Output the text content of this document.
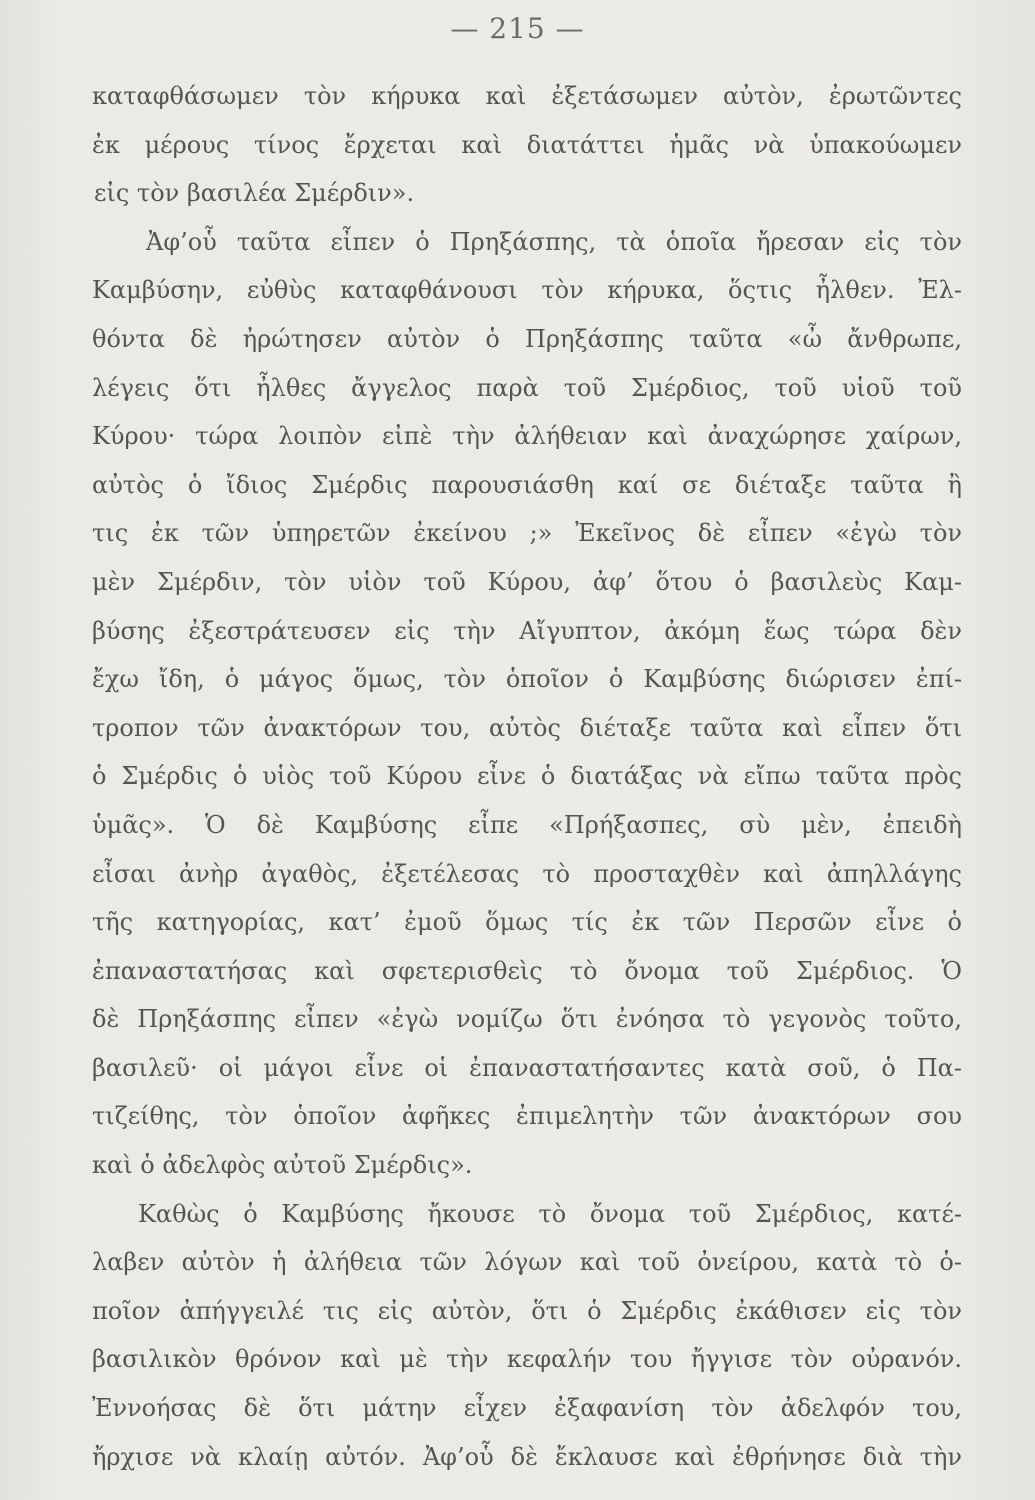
— 215 —
καταφθάσωμεν τὸν κήρυκα καὶ ἐξετάσωμεν αὐτὸν, ἐρωτῶντες
ἐκ μέρους τίνος ἔρχεται καὶ διατάττει ἡμᾶς νὰ ὑπακούωμεν
εἰς τὸν βασιλέα Σμέρδιν».
Ἀφ’οὗ ταῦτα εἶπεν ὁ Πρηξάσπης, τὰ ὁποῖα ἤρεσαν εἰς τὸν
Καμβύσην, εὐθὺς καταφθάνουσι τὸν κήρυκα, ὅςτις ἦλθεν. Ἐλ-
θόντα δὲ ἠρώτησεν αὐτὸν ὁ Πρηξάσπης ταῦτα «ὦ ἄνθρωπε,
λέγεις ὅτι ἦλθες ἄγγελος παρὰ τοῦ Σμέρδιος, τοῦ υἱοῦ τοῦ
Κύρου· τώρα λοιπὸν εἰπὲ τὴν ἀλήθειαν καὶ ἀναχώρησε χαίρων,
αὐτὸς ὁ ἴδιος Σμέρδις παρουσιάσθη καί σε διέταξε ταῦτα ἢ
τις ἐκ τῶν ὑπηρετῶν ἐκείνου ;» Ἐκεῖνος δὲ εἶπεν «ἐγὼ τὸν
μὲν Σμέρδιν, τὸν υἱὸν τοῦ Κύρου, ἀφ’ ὅτου ὁ βασιλεὺς Καμ-
βύσης ἐξεστράτευσεν εἰς τὴν Αἴγυπτον, ἀκόμη ἕως τώρα δὲν
ἔχω ἴδη, ὁ μάγος ὅμως, τὸν ὁποῖον ὁ Καμβύσης διώρισεν ἐπί-
τροπον τῶν ἀνακτόρων του, αὐτὸς διέταξε ταῦτα καὶ εἶπεν ὅτι
ὁ Σμέρδις ὁ υἱὸς τοῦ Κύρου εἶνε ὁ διατάξας νὰ εἴπω ταῦτα πρὸς
ὑμᾶς». Ὁ δὲ Καμβύσης εἶπε «Πρήξασπες, σὺ μὲν, ἐπειδὴ
εἶσαι ἀνὴρ ἀγαθὸς, ἐξετέλεσας τὸ προσταχθὲν καὶ ἀπηλλάγης
τῆς κατηγορίας, κατ’ ἐμοῦ ὅμως τίς ἐκ τῶν Περσῶν εἶνε ὁ
ἐπαναστατήσας καὶ σφετερισθεὶς τὸ ὄνομα τοῦ Σμέρδιος. Ὁ
δὲ Πρηξάσπης εἶπεν «ἐγὼ νομίζω ὅτι ἐνόησα τὸ γεγονὸς τοῦτο,
βασιλεῦ· οἱ μάγοι εἶνε οἱ ἐπαναστατήσαντες κατὰ σοῦ, ὁ Πα-
τιζείθης, τὸν ὁποῖον ἀφῆκες ἐπιμελητὴν τῶν ἀνακτόρων σου
καὶ ὁ ἀδελφὸς αὐτοῦ Σμέρδις».
Καθὼς ὁ Καμβύσης ἤκουσε τὸ ὄνομα τοῦ Σμέρδιος, κατέ-
λαβεν αὐτὸν ἡ ἀλήθεια τῶν λόγων καὶ τοῦ ὀνείρου, κατὰ τὸ ὁ-
ποῖον ἀπήγγειλέ τις εἰς αὐτὸν, ὅτι ὁ Σμέρδις ἐκάθισεν εἰς τὸν
βασιλικὸν θρόνον καὶ μὲ τὴν κεφαλήν του ἤγγισε τὸν οὐρανόν.
Ἐννοήσας δὲ ὅτι μάτην εἶχεν ἐξαφανίση τὸν ἀδελφόν του,
ἤρχισε νὰ κλαίῃ αὐτόν. Ἀφ’οὗ δὲ ἔκλαυσε καὶ ἐθρήνησε διὰ τὴν
